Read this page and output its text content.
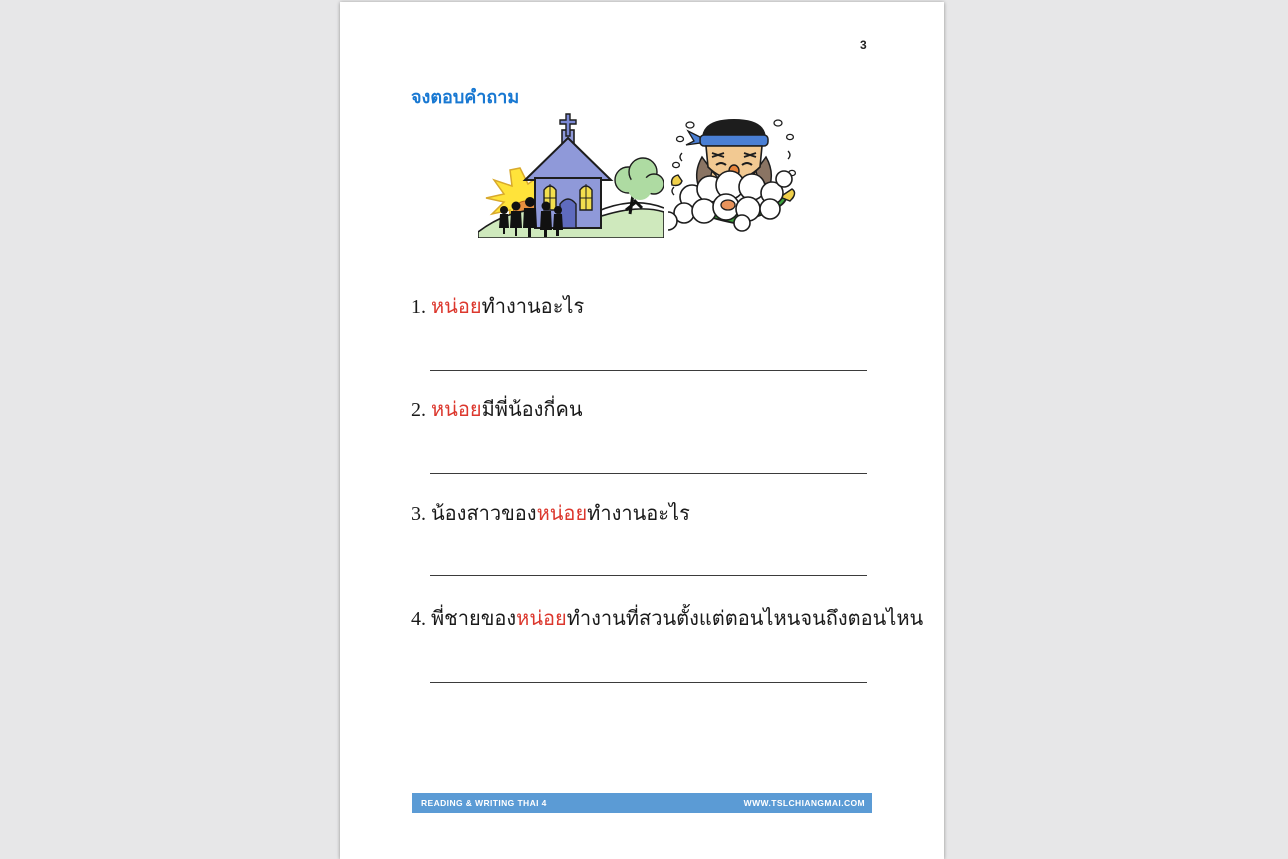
3
จงตอบคำถาม
1. หน่อยทำงานอะไร
2. หน่อยมีพี่น้องกี่คน
3. น้องสาวของหน่อยทำงานอะไร
4. พี่ชายของหน่อยทำงานที่สวนตั้งแต่ตอนไหนจนถึงตอนไหน
READING & WRITING THAI 4	WWW.TSLCHIANGMAI.COM
